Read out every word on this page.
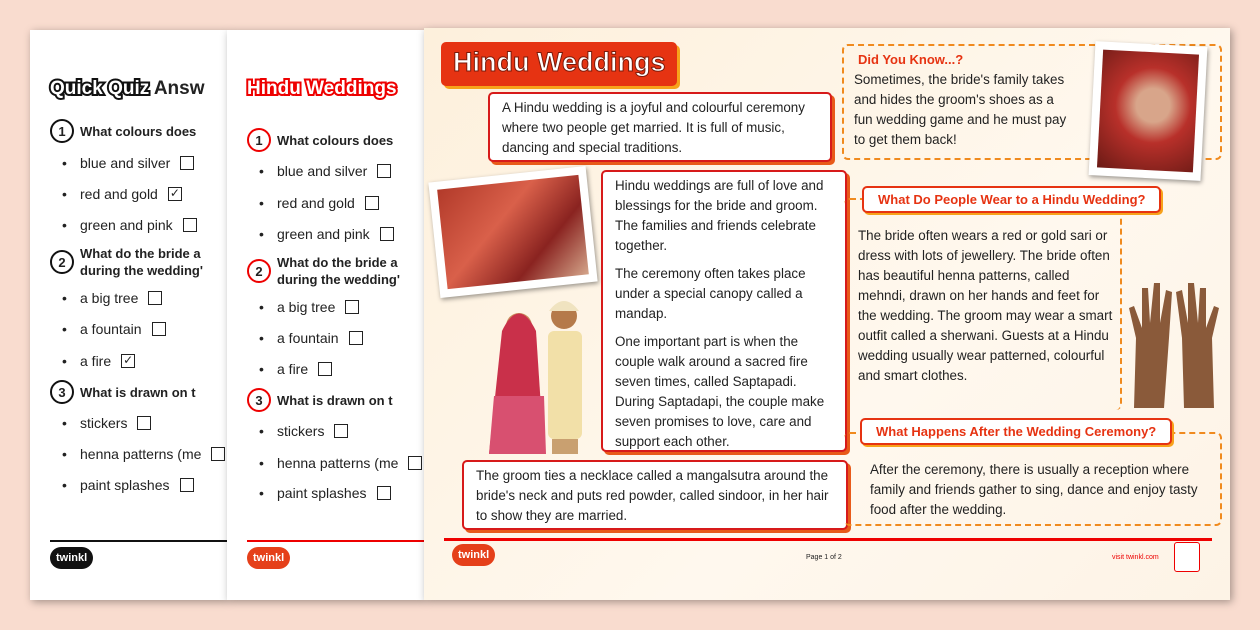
Quick Quiz Answ
1	What colours does
• blue and silver
• red and gold ✓
• green and pink
2
What do the bride a
during the wedding'
• a big tree
• a fountain
• a fire ✓
3	What is drawn on t
• stickers
• henna patterns (me
• paint splashes
twinkl
Hindu Weddings
1	What colours does
• blue and silver
• red and gold
• green and pink
2
What do the bride a
during the wedding'
• a big tree
• a fountain
• a fire
3	What is drawn on t
• stickers
• henna patterns (me
• paint splashes
twinkl
Hindu Weddings
A Hindu wedding is a joyful and colourful ceremony where two people get married. It is full of music, dancing and special traditions.

Hindu weddings are full of love and blessings for the bride and groom. The families and friends celebrate together.

The ceremony often takes place under a special canopy called a mandap.

One important part is when the couple walk around a sacred fire seven times, called Saptapadi. During Saptadapi, the couple make seven promises to love, care and support each other.

The groom ties a necklace called a mangalsutra around the bride's neck and puts red powder, called sindoor, in her hair to show they are married.
Did You Know...?
Sometimes, the bride's family takes and hides the groom's shoes as a fun wedding game and he must pay to get them back!
What Do People Wear to a Hindu Wedding?
The bride often wears a red or gold sari or dress with lots of jewellery. The bride often has beautiful henna patterns, called mehndi, drawn on her hands and feet for the wedding. The groom may wear a smart outfit called a sherwani. Guests at a Hindu wedding usually wear patterned, colourful and smart clothes.
What Happens After the Wedding Ceremony?
After the ceremony, there is usually a reception where family and friends gather to sing, dance and enjoy tasty food after the wedding.
twinkl	Page 1 of 2	visit twinkl.com
